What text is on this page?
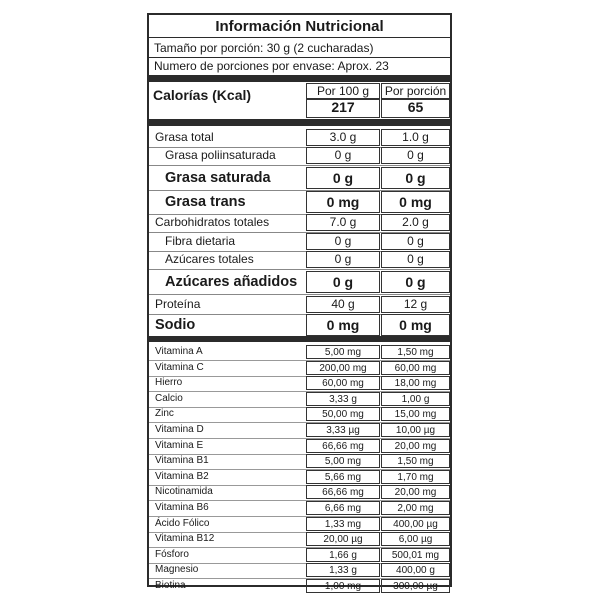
Información Nutricional
Tamaño por porción: 30 g (2 cucharadas)
Numero de porciones por envase: Aprox. 23
Calorías (Kcal)	Por 100 g	Por porción
217	65
Grasa total	3.0 g	1.0 g
Grasa poliinsaturada	0 g	0 g
Grasa saturada	0 g	0 g
Grasa trans	0 mg	0 mg
Carbohidratos totales	7.0 g	2.0 g
Fibra dietaria	0 g	0 g
Azúcares totales	0 g	0 g
Azúcares añadidos	0 g	0 g
Proteína	40 g	12 g
Sodio	0 mg	0 mg
Vitamina A	5,00 mg	1,50 mg
Vitamina C	200,00 mg	60,00 mg
Hierro	60,00 mg	18,00 mg
Calcio	3,33 g	1,00 g
Zinc	50,00 mg	15,00 mg
Vitamina D	3,33 µg	10,00 µg
Vitamina E	66,66 mg	20,00 mg
Vitamina B1	5,00 mg	1,50 mg
Vitamina B2	5,66 mg	1,70 mg
Nicotinamida	66,66 mg	20,00 mg
Vitamina B6	6,66 mg	2,00 mg
Ácido Fólico	1,33 mg	400,00 µg
Vitamina B12	20,00 µg	6,00 µg
Fósforo	1,66 g	500,01 mg
Magnesio	1,33 g	400,00 g
Biotina	1,00 mg	300,00 µg
